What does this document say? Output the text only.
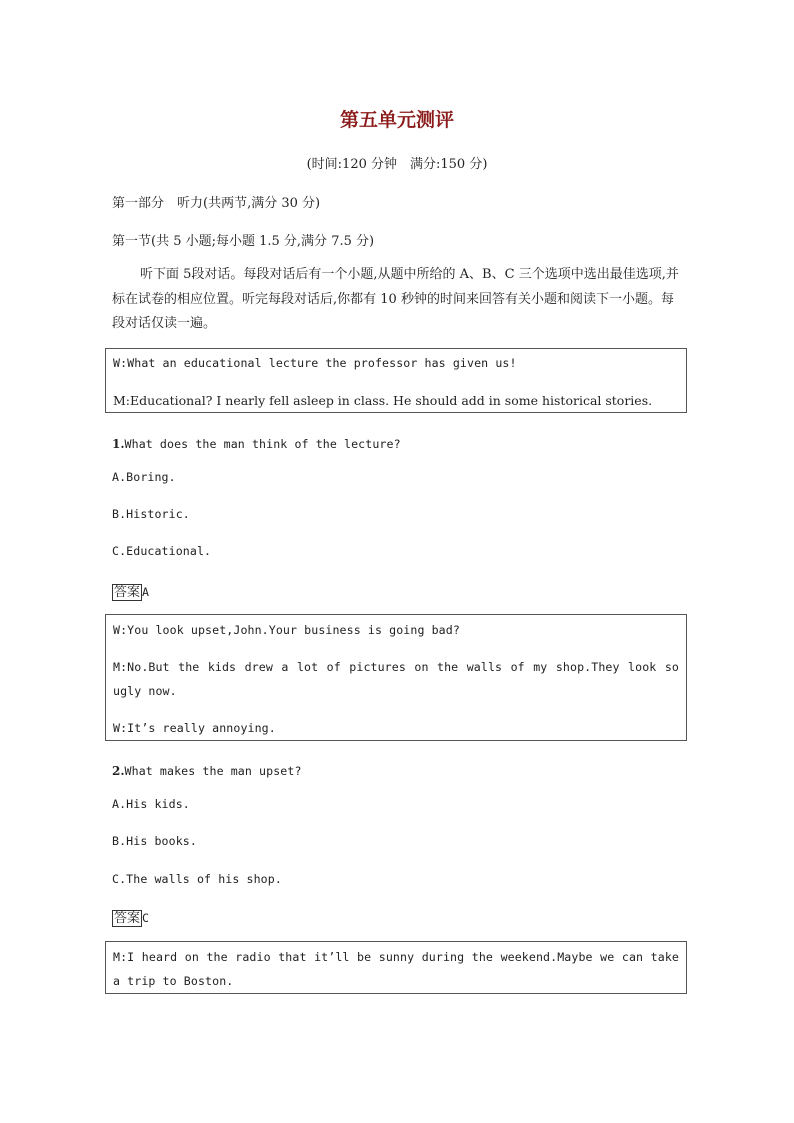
第五单元测评
(时间:120 分钟　满分:150 分)
第一部分　听力(共两节,满分 30 分)
第一节(共 5 小题;每小题 1.5 分,满分 7.5 分)
听下面 5段对话。每段对话后有一个小题,从题中所给的 A、B、C 三个选项中选出最佳选项,并标在试卷的相应位置。听完每段对话后,你都有 10 秒钟的时间来回答有关小题和阅读下一小题。每段对话仅读一遍。
W:What an educational lecture the professor has given us!
M:Educational? I nearly fell asleep in class. He should add in some historical stories.
1.What does the man think of the lecture?
A.Boring.
B.Historic.
C.Educational.
答案 A
W:You look upset,John.Your business is going bad?
M:No.But the kids drew a lot of pictures on the walls of my shop.They look so ugly now.
W:It’s really annoying.
2.What makes the man upset?
A.His kids.
B.His books.
C.The walls of his shop.
答案 C
M:I heard on the radio that it’ll be sunny during the weekend.Maybe we can take a trip to Boston.
